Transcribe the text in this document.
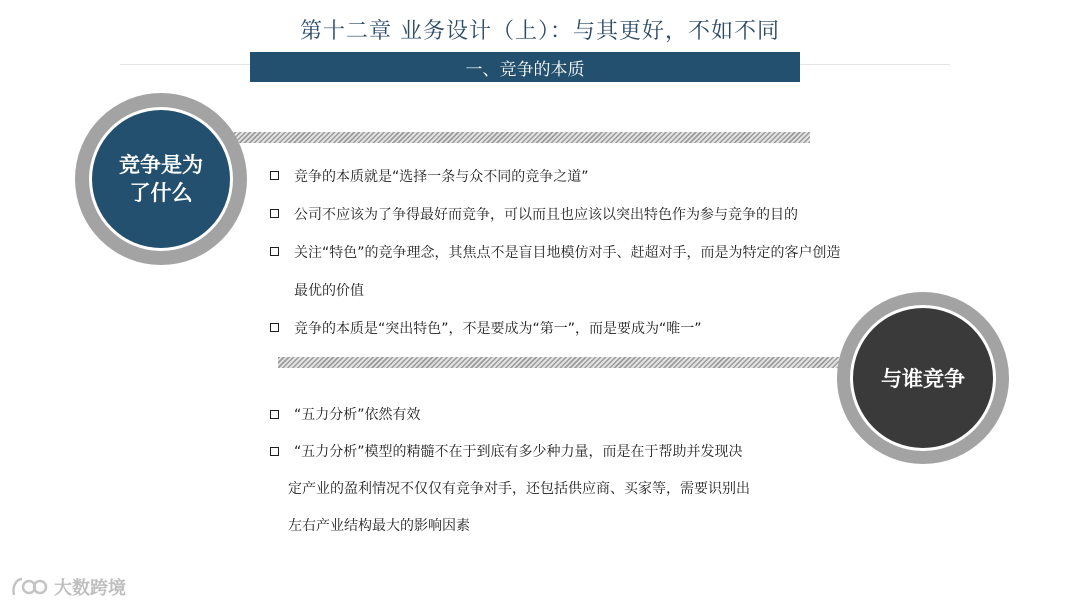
第十二章 业务设计（上）：与其更好，不如不同
一、竞争的本质
竞争是为了什么
与谁竞争
竞争的本质就是“选择一条与众不同的竞争之道”
公司不应该为了争得最好而竞争，可以而且也应该以突出特色作为参与竞争的目的
关注“特色”的竞争理念，其焦点不是盲目地模仿对手、赶超对手，而是为特定的客户创造
最优的价值
竞争的本质是“突出特色”，不是要成为“第一”，而是要成为“唯一”
“五力分析”依然有效
“五力分析”模型的精髓不在于到底有多少种力量，而是在于帮助并发现决
定产业的盈利情况不仅仅有竞争对手，还包括供应商、买家等，需要识别出
左右产业结构最大的影响因素
大数跨境
